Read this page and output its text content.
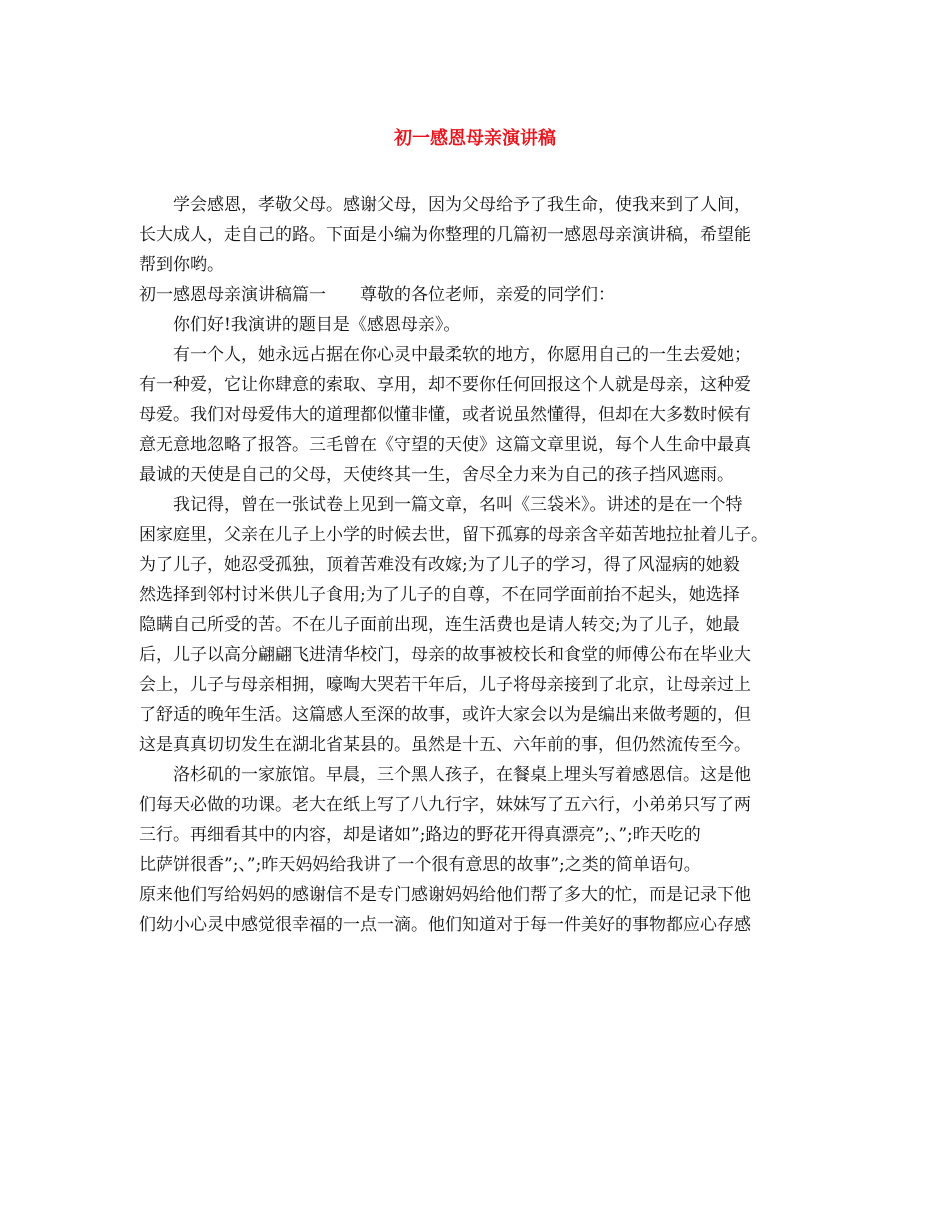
初一感恩母亲演讲稿
学会感恩，孝敬父母。感谢父母，因为父母给予了我生命，使我来到了人间，
长大成人，走自己的路。下面是小编为你整理的几篇初一感恩母亲演讲稿，希望能
帮到你哟。
初一感恩母亲演讲稿篇一 尊敬的各位老师，亲爱的同学们：
你们好!我演讲的题目是《感恩母亲》。
有一个人，她永远占据在你心灵中最柔软的地方，你愿用自己的一生去爱她；
有一种爱，它让你肆意的索取、享用，却不要你任何回报这个人就是母亲，这种爱
母爱。我们对母爱伟大的道理都似懂非懂，或者说虽然懂得，但却在大多数时候有
意无意地忽略了报答。三毛曾在《守望的天使》这篇文章里说，每个人生命中最真
最诚的天使是自己的父母，天使终其一生，舍尽全力来为自己的孩子挡风遮雨。
我记得，曾在一张试卷上见到一篇文章，名叫《三袋米》。讲述的是在一个特
困家庭里，父亲在儿子上小学的时候去世，留下孤寡的母亲含辛茹苦地拉扯着儿子。
为了儿子，她忍受孤独，顶着苦难没有改嫁;为了儿子的学习，得了风湿病的她毅
然选择到邻村讨米供儿子食用;为了儿子的自尊，不在同学面前抬不起头，她选择
隐瞒自己所受的苦。不在儿子面前出现，连生活费也是请人转交;为了儿子，她最
后，儿子以高分翩翩飞进清华校门，母亲的故事被校长和食堂的师傅公布在毕业大
会上，儿子与母亲相拥，嚎啕大哭若干年后，儿子将母亲接到了北京，让母亲过上
了舒适的晚年生活。这篇感人至深的故事，或许大家会以为是编出来做考题的，但
这是真真切切发生在湖北省某县的。虽然是十五、六年前的事，但仍然流传至今。
洛杉矶的一家旅馆。早晨，三个黑人孩子，在餐桌上埋头写着感恩信。这是他
们每天必做的功课。老大在纸上写了八九行字，妹妹写了五六行，小弟弟只写了两
三行。再细看其中的内容，却是诸如”;路边的野花开得真漂亮”;、”;昨天吃的
比萨饼很香”;、”;昨天妈妈给我讲了一个很有意思的故事”;之类的简单语句。
原来他们写给妈妈的感谢信不是专门感谢妈妈给他们帮了多大的忙，而是记录下他
们幼小心灵中感觉很幸福的一点一滴。他们知道对于每一件美好的事物都应心存感
